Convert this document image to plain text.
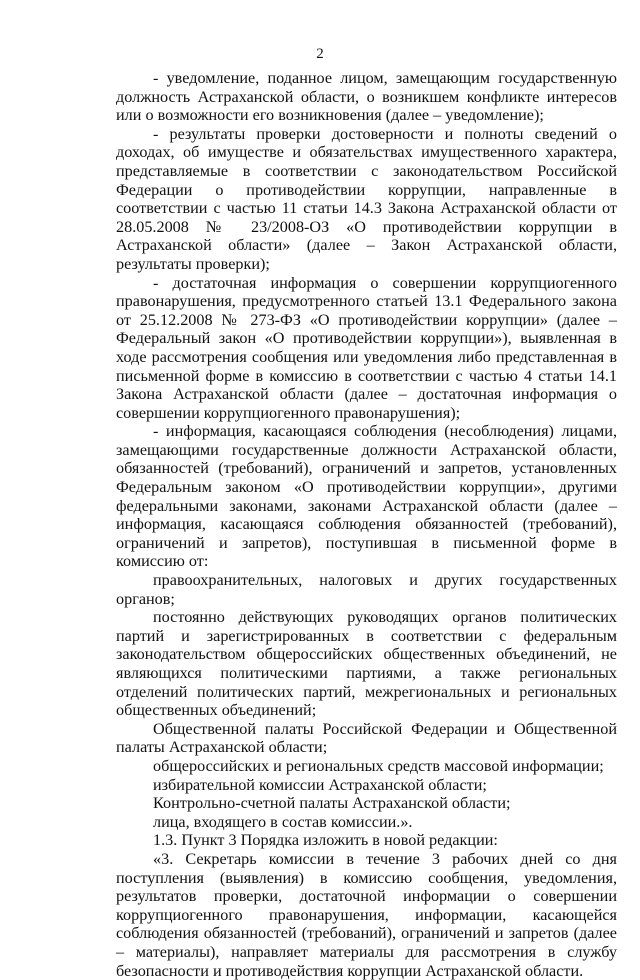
2

- уведомление, поданное лицом, замещающим государственную должность Астраханской области, о возникшем конфликте интересов или о возможности его возникновения (далее – уведомление);

- результаты проверки достоверности и полноты сведений о доходах, об имуществе и обязательствах имущественного характера, представляемые в соответствии с законодательством Российской Федерации о противодействии коррупции, направленные в соответствии с частью 11 статьи 14.3 Закона Астраханской области от 28.05.2008 № 23/2008-ОЗ «О противодействии коррупции в Астраханской области» (далее – Закон Астраханской области, результаты проверки);

- достаточная информация о совершении коррупциогенного правонарушения, предусмотренного статьей 13.1 Федерального закона от 25.12.2008 № 273-ФЗ «О противодействии коррупции» (далее – Федеральный закон «О противодействии коррупции»), выявленная в ходе рассмотрения сообщения или уведомления либо представленная в письменной форме в комиссию в соответствии с частью 4 статьи 14.1 Закона Астраханской области (далее – достаточная информация о совершении коррупциогенного правонарушения);

- информация, касающаяся соблюдения (несоблюдения) лицами, замещающими государственные должности Астраханской области, обязанностей (требований), ограничений и запретов, установленных Федеральным законом «О противодействии коррупции», другими федеральными законами, законами Астраханской области (далее – информация, касающаяся соблюдения обязанностей (требований), ограничений и запретов), поступившая в письменной форме в комиссию от:

правоохранительных, налоговых и других государственных органов;

постоянно действующих руководящих органов политических партий и зарегистрированных в соответствии с федеральным законодательством общероссийских общественных объединений, не являющихся политическими партиями, а также региональных отделений политических партий, межрегиональных и региональных общественных объединений;

Общественной палаты Российской Федерации и Общественной палаты Астраханской области;

общероссийских и региональных средств массовой информации;

избирательной комиссии Астраханской области;

Контрольно-счетной палаты Астраханской области;

лица, входящего в состав комиссии.».

1.3. Пункт 3 Порядка изложить в новой редакции:

«3. Секретарь комиссии в течение 3 рабочих дней со дня поступления (выявления) в комиссию сообщения, уведомления, результатов проверки, достаточной информации о совершении коррупциогенного правонарушения, информации, касающейся соблюдения обязанностей (требований), ограничений и запретов (далее – материалы), направляет материалы для рассмотрения в службу безопасности и противодействия коррупции Астраханской области.
